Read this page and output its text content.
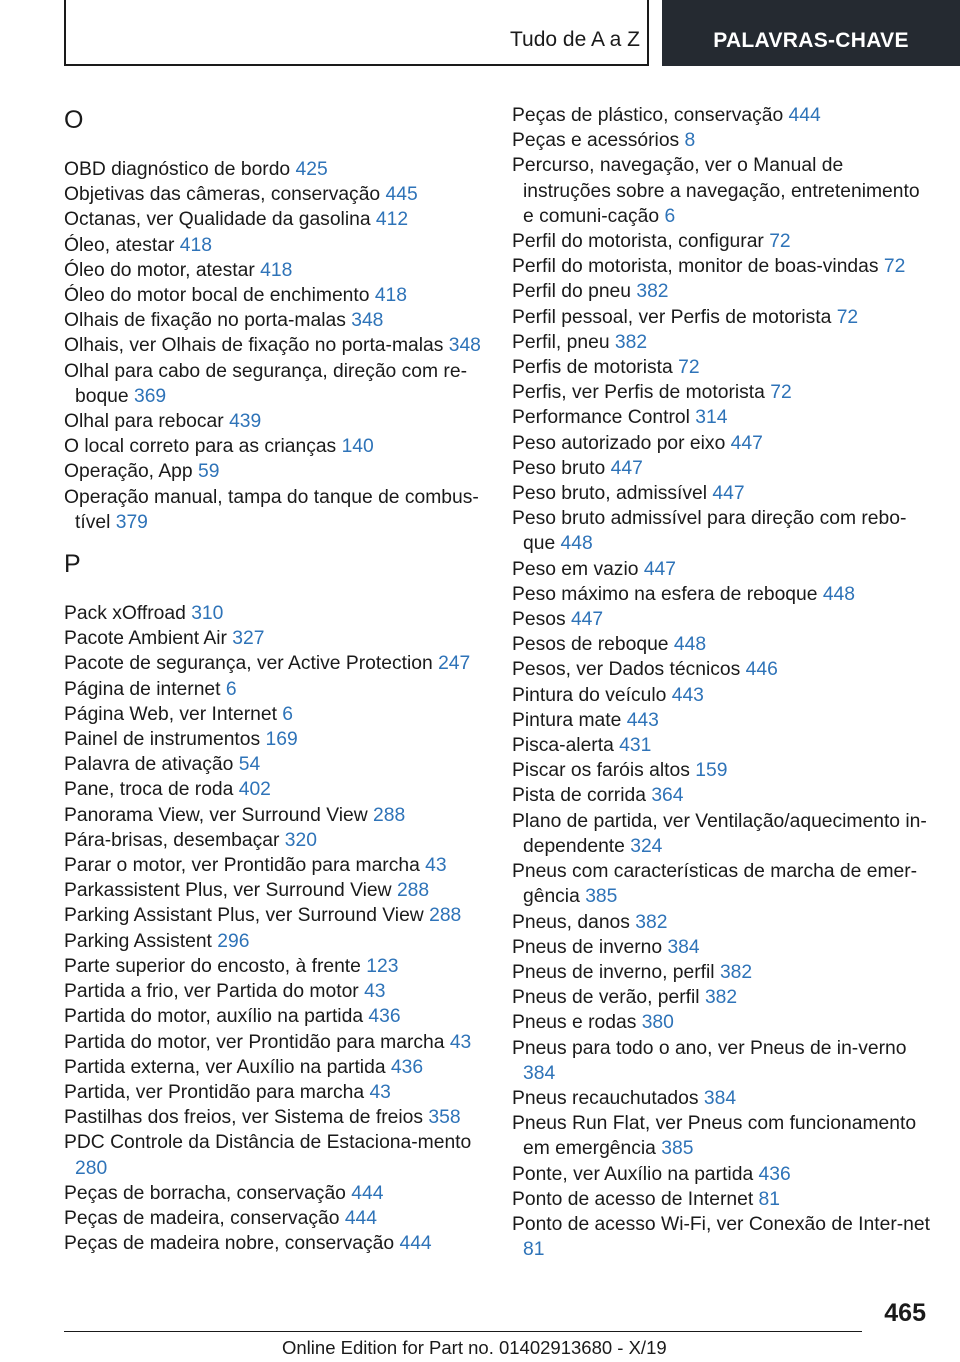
Tudo de A a Z	PALAVRAS-CHAVE
O

OBD diagnóstico de bordo 425

Objetivas das câmeras, conservação 445

Octanas, ver Qualidade da gasolina 412

Óleo, atestar 418

Óleo do motor, atestar 418

Óleo do motor bocal de enchimento 418

Olhais de fixação no porta-malas 348

Olhais, ver Olhais de fixação no porta-malas 348

Olhal para cabo de segurança, direção com re-boque 369

Olhal para rebocar 439

O local correto para as crianças 140

Operação, App 59

Operação manual, tampa do tanque de combus-tível 379

P

Pack xOffroad 310

Pacote Ambient Air 327

Pacote de segurança, ver Active Protection 247

Página de internet 6

Página Web, ver Internet 6

Painel de instrumentos 169

Palavra de ativação 54

Pane, troca de roda 402

Panorama View, ver Surround View 288

Pára-brisas, desembaçar 320

Parar o motor, ver Prontidão para marcha 43

Parkassistent Plus, ver Surround View 288

Parking Assistant Plus, ver Surround View 288

Parking Assistent 296

Parte superior do encosto, à frente 123

Partida a frio, ver Partida do motor 43

Partida do motor, auxílio na partida 436

Partida do motor, ver Prontidão para marcha 43

Partida externa, ver Auxílio na partida 436

Partida, ver Prontidão para marcha 43

Pastilhas dos freios, ver Sistema de freios 358

PDC Controle da Distância de Estaciona-mento 280

Peças de borracha, conservação 444

Peças de madeira, conservação 444

Peças de madeira nobre, conservação 444

Peças de plástico, conservação 444

Peças e acessórios 8

Percurso, navegação, ver o Manual de instruções sobre a navegação, entretenimento e comuni-cação 6

Perfil do motorista, configurar 72

Perfil do motorista, monitor de boas-vindas 72

Perfil do pneu 382

Perfil pessoal, ver Perfis de motorista 72

Perfil, pneu 382

Perfis de motorista 72

Perfis, ver Perfis de motorista 72

Performance Control 314

Peso autorizado por eixo 447

Peso bruto 447

Peso bruto, admissível 447

Peso bruto admissível para direção com rebo-que 448

Peso em vazio 447

Peso máximo na esfera de reboque 448

Pesos 447

Pesos de reboque 448

Pesos, ver Dados técnicos 446

Pintura do veículo 443

Pintura mate 443

Pisca-alerta 431

Piscar os faróis altos 159

Pista de corrida 364

Plano de partida, ver Ventilação/aquecimento in-dependente 324

Pneus com características de marcha de emer-gência 385

Pneus, danos 382

Pneus de inverno 384

Pneus de inverno, perfil 382

Pneus de verão, perfil 382

Pneus e rodas 380

Pneus para todo o ano, ver Pneus de in-verno 384

Pneus recauchutados 384

Pneus Run Flat, ver Pneus com funcionamento em emergência 385

Ponte, ver Auxílio na partida 436

Ponto de acesso de Internet 81

Ponto de acesso Wi-Fi, ver Conexão de Inter-net 81

465
Online Edition for Part no. 01402913680 - X/19
